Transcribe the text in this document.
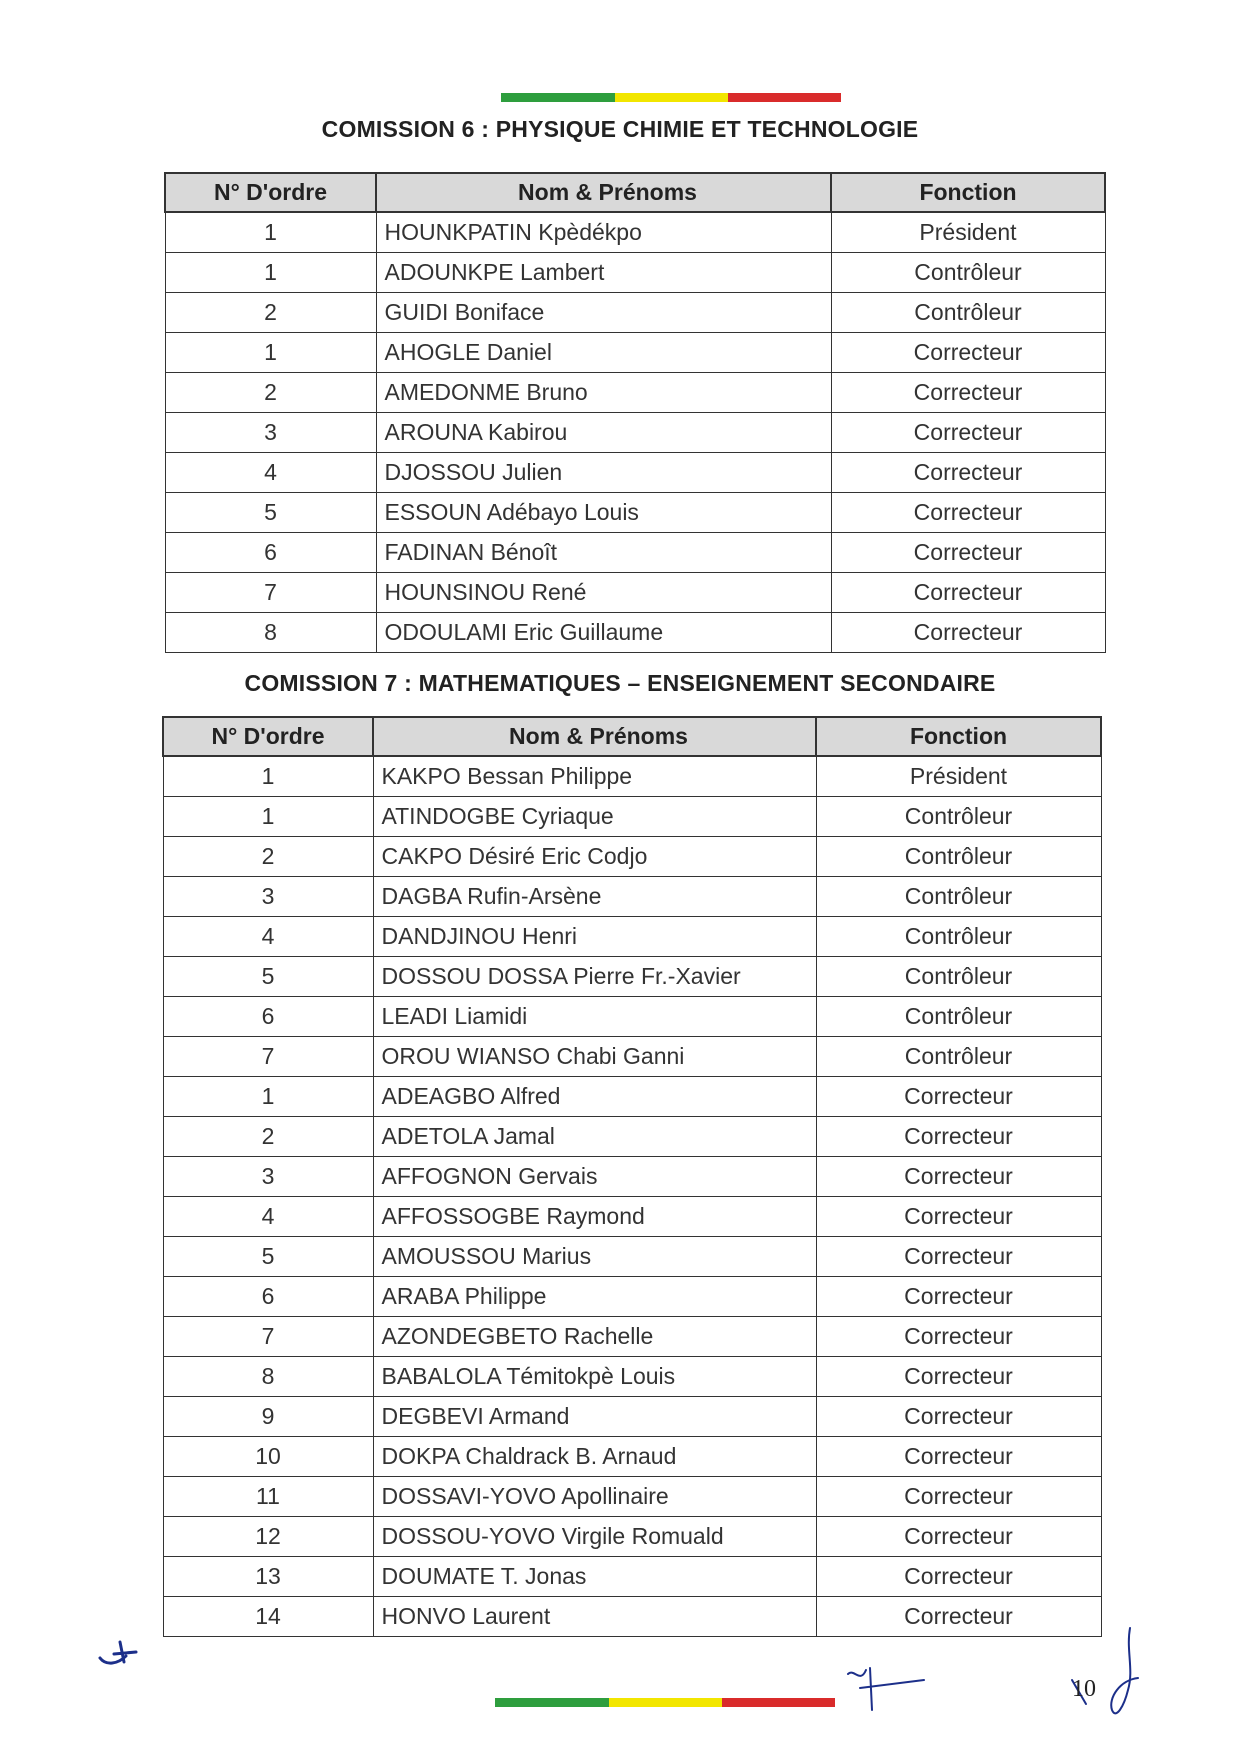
COMISSION 6 : PHYSIQUE CHIMIE ET TECHNOLOGIE
N° D'ordre	Nom & Prénoms	Fonction
1	HOUNKPATIN Kpèdékpo	Président
1	ADOUNKPE Lambert	Contrôleur
2	GUIDI Boniface	Contrôleur
1	AHOGLE Daniel	Correcteur
2	AMEDONME Bruno	Correcteur
3	AROUNA Kabirou	Correcteur
4	DJOSSOU Julien	Correcteur
5	ESSOUN Adébayo Louis	Correcteur
6	FADINAN Bénoît	Correcteur
7	HOUNSINOU René	Correcteur
8	ODOULAMI Eric Guillaume	Correcteur
COMISSION 7 : MATHEMATIQUES – ENSEIGNEMENT SECONDAIRE
N° D'ordre	Nom & Prénoms	Fonction
1	KAKPO Bessan Philippe	Président
1	ATINDOGBE Cyriaque	Contrôleur
2	CAKPO Désiré Eric Codjo	Contrôleur
3	DAGBA Rufin-Arsène	Contrôleur
4	DANDJINOU Henri	Contrôleur
5	DOSSOU DOSSA Pierre Fr.-Xavier	Contrôleur
6	LEADI Liamidi	Contrôleur
7	OROU WIANSO Chabi Ganni	Contrôleur
1	ADEAGBO Alfred	Correcteur
2	ADETOLA Jamal	Correcteur
3	AFFOGNON Gervais	Correcteur
4	AFFOSSOGBE Raymond	Correcteur
5	AMOUSSOU Marius	Correcteur
6	ARABA Philippe	Correcteur
7	AZONDEGBETO Rachelle	Correcteur
8	BABALOLA Témitokpè Louis	Correcteur
9	DEGBEVI Armand	Correcteur
10	DOKPA Chaldrack B. Arnaud	Correcteur
11	DOSSAVI-YOVO Apollinaire	Correcteur
12	DOSSOU-YOVO Virgile Romuald	Correcteur
13	DOUMATE T. Jonas	Correcteur
14	HONVO Laurent	Correcteur
10
